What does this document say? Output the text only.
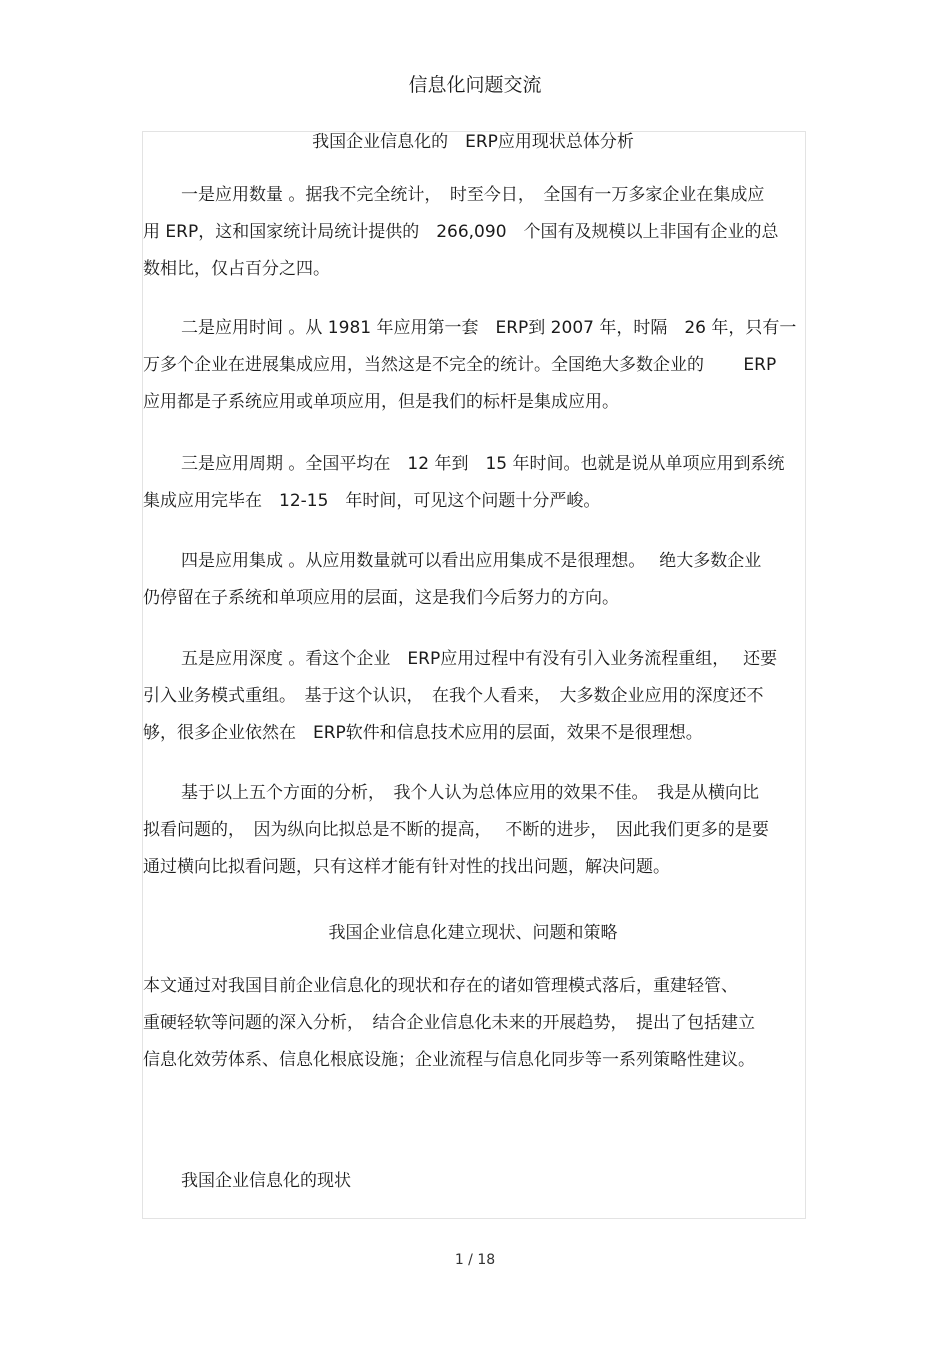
信息化问题交流
我国企业信息化的　ERP应用现状总体分析
一是应用数量 。据我不完全统计，　时至今日，　全国有一万多家企业在集成应
用 ERP，这和国家统计局统计提供的　266,090　个国有及规模以上非国有企业的总
数相比，仅占百分之四。
二是应用时间 。从 1981 年应用第一套　ERP到 2007 年，时隔　26 年，只有一
万多个企业在进展集成应用，当然这是不完全的统计。全国绝大多数企业的　　 ERP
应用都是子系统应用或单项应用，但是我们的标杆是集成应用。
三是应用周期 。全国平均在　12 年到　15 年时间。也就是说从单项应用到系统
集成应用完毕在　12-15　年时间，可见这个问题十分严峻。
四是应用集成 。从应用数量就可以看出应用集成不是很理想。　 绝大多数企业
仍停留在子系统和单项应用的层面，这是我们今后努力的方向。
五是应用深度 。看这个企业　ERP应用过程中有没有引入业务流程重组，　 还要
引入业务模式重组。　基于这个认识，　在我个人看来，　大多数企业应用的深度还不
够，很多企业依然在　ERP软件和信息技术应用的层面，效果不是很理想。
基于以上五个方面的分析，　我个人认为总体应用的效果不佳。　我是从横向比
拟看问题的，　因为纵向比拟总是不断的提高，　 不断的进步，　因此我们更多的是要
通过横向比拟看问题，只有这样才能有针对性的找出问题，解决问题。
我国企业信息化建立现状、问题和策略
本文通过对我国目前企业信息化的现状和存在的诸如管理模式落后，重建轻管、
重硬轻软等问题的深入分析，　结合企业信息化未来的开展趋势，　提出了包括建立
信息化效劳体系、信息化根底设施；企业流程与信息化同步等一系列策略性建议。
我国企业信息化的现状
1 / 18
